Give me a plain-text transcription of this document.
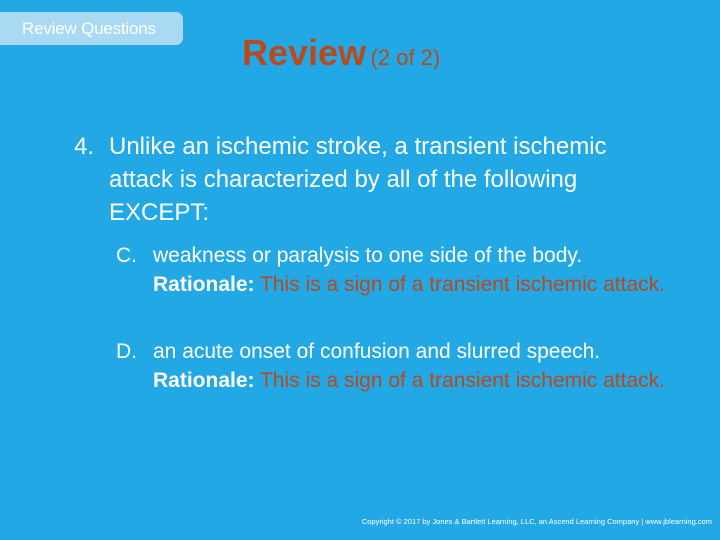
Review Questions
Review (2 of 2)
4. Unlike an ischemic stroke, a transient ischemic attack is characterized by all of the following EXCEPT:
C. weakness or paralysis to one side of the body.
Rationale: This is a sign of a transient ischemic attack.
D. an acute onset of confusion and slurred speech.
Rationale: This is a sign of a transient ischemic attack.
Copyright © 2017 by Jones & Bartlett Learning, LLC, an Ascend Learning Company | www.jblearning.com
